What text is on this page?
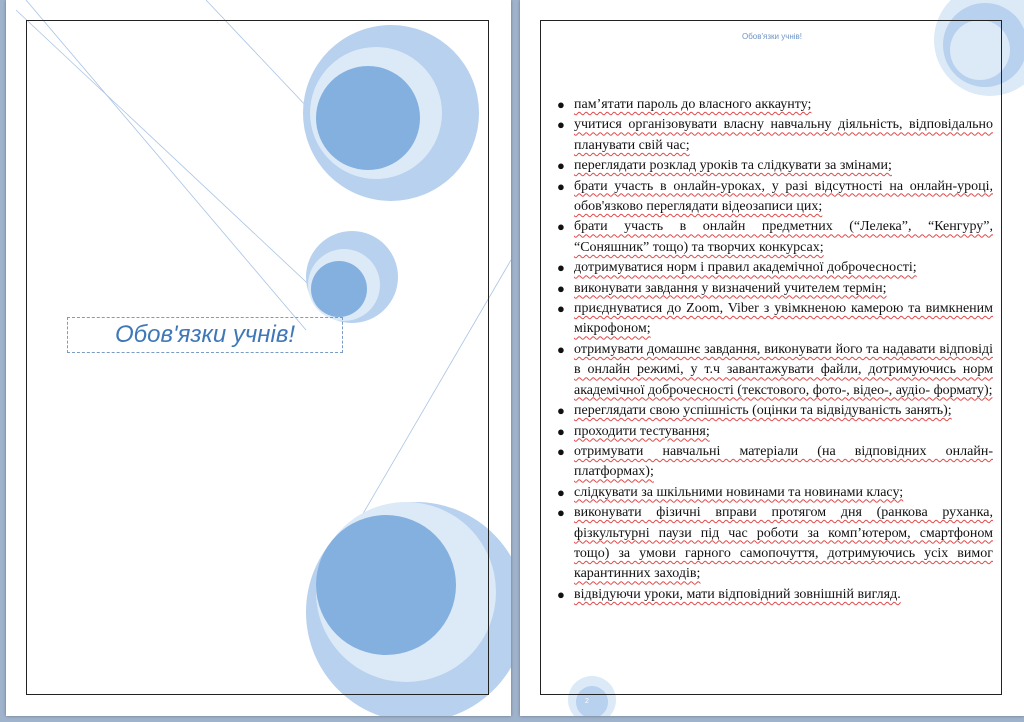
Обов'язки учнів!
Обов'язки учнів!
● пам’ятати пароль до власного аккаунту;
● учитися організовувати власну навчальну діяльність, відповідально планувати свій час;
● переглядати розклад уроків та слідкувати за змінами;
● брати участь в онлайн-уроках, у разі відсутності на онлайн-уроці, обов'язково переглядати відеозаписи цих;
● брати участь в онлайн предметних (“Лелека”, “Кенгуру”, “Соняшник” тощо) та творчих конкурсах;
● дотримуватися норм і правил академічної доброчесності;
● виконувати завдання у визначений учителем термін;
● приєднуватися до Zoom, Viber з увімкненою камерою та вимкненим мікрофоном;
● отримувати домашнє завдання, виконувати його та надавати відповіді в онлайн режимі, у т.ч завантажувати файли, дотримуючись норм академічної доброчесності (текстового, фото-, відео-, аудіо- формату);
● переглядати свою успішність (оцінки та відвідуваність занять);
● проходити тестування;
● отримувати навчальні матеріали (на відповідних онлайн-платформах);
● слідкувати за шкільними новинами та новинами класу;
● виконувати фізичні вправи протягом дня (ранкова руханка, фізкультурні паузи під час роботи за комп’ютером, смартфоном тощо) за умови гарного самопочуття, дотримуючись усіх вимог карантинних заходів;
● відвідуючи уроки, мати відповідний зовнішній вигляд.
2
